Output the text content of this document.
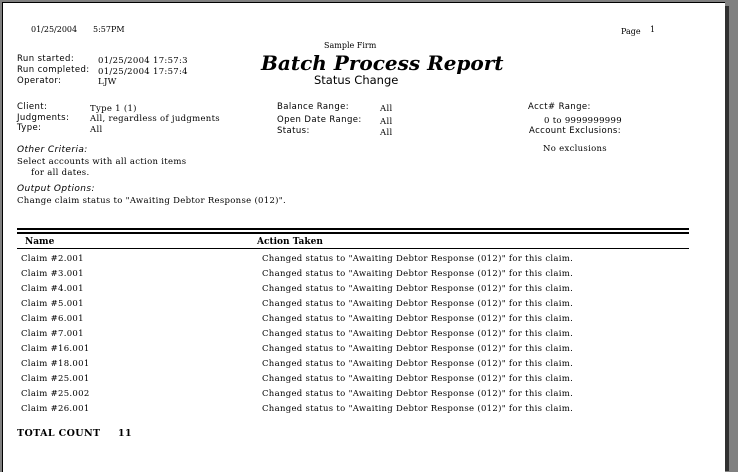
01/25/2004 5:57PM	Page 1
Sample Firm
Batch Process Report
Status Change
Run started:	01/25/2004 17:57:3
Run completed: 01/25/2004 17:57:4
Operator:	LJW
Client:	Type 1 (1)
Judgments: All, regardless of judgments
Type:	All
Balance Range:	All
Open Date Range: All
Status:	All
Acct# Range:
0 to 9999999999
Account Exclusions:
No exclusions
Other Criteria:
Select accounts with all action items
for all dates.
Output Options:
Change claim status to "Awaiting Debtor Response (012)".
Name	Action Taken
Claim #2.001	Changed status to "Awaiting Debtor Response (012)" for this claim.
Claim #3.001	Changed status to "Awaiting Debtor Response (012)" for this claim.
Claim #4.001	Changed status to "Awaiting Debtor Response (012)" for this claim.
Claim #5.001	Changed status to "Awaiting Debtor Response (012)" for this claim.
Claim #6.001	Changed status to "Awaiting Debtor Response (012)" for this claim.
Claim #7.001	Changed status to "Awaiting Debtor Response (012)" for this claim.
Claim #16.001	Changed status to "Awaiting Debtor Response (012)" for this claim.
Claim #18.001	Changed status to "Awaiting Debtor Response (012)" for this claim.
Claim #25.001	Changed status to "Awaiting Debtor Response (012)" for this claim.
Claim #25.002	Changed status to "Awaiting Debtor Response (012)" for this claim.
Claim #26.001	Changed status to "Awaiting Debtor Response (012)" for this claim.
TOTAL COUNT 11
